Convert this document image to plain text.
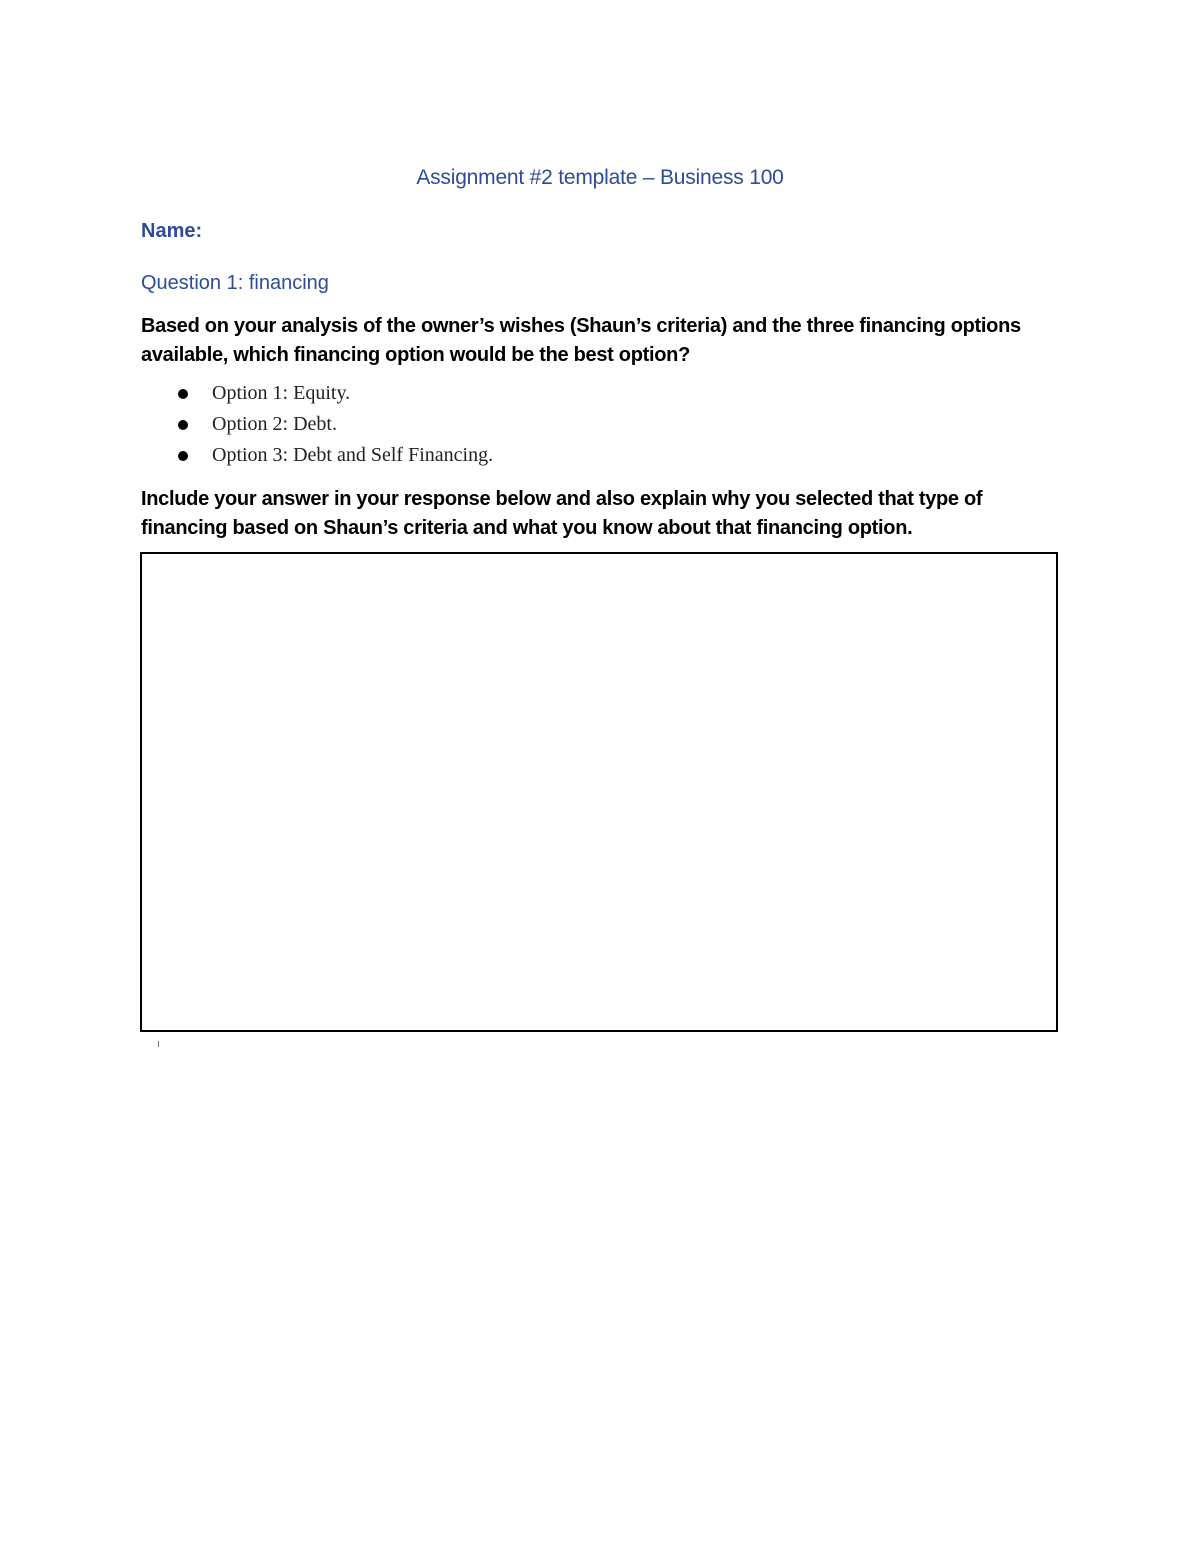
Assignment #2 template – Business 100
Name:
Question 1: financing
Based on your analysis of the owner’s wishes (Shaun’s criteria) and the three financing options available, which financing option would be the best option?
Option 1: Equity.
Option 2: Debt.
Option 3: Debt and Self Financing.
Include your answer in your response below and also explain why you selected that type of financing based on Shaun’s criteria and what you know about that financing option.
